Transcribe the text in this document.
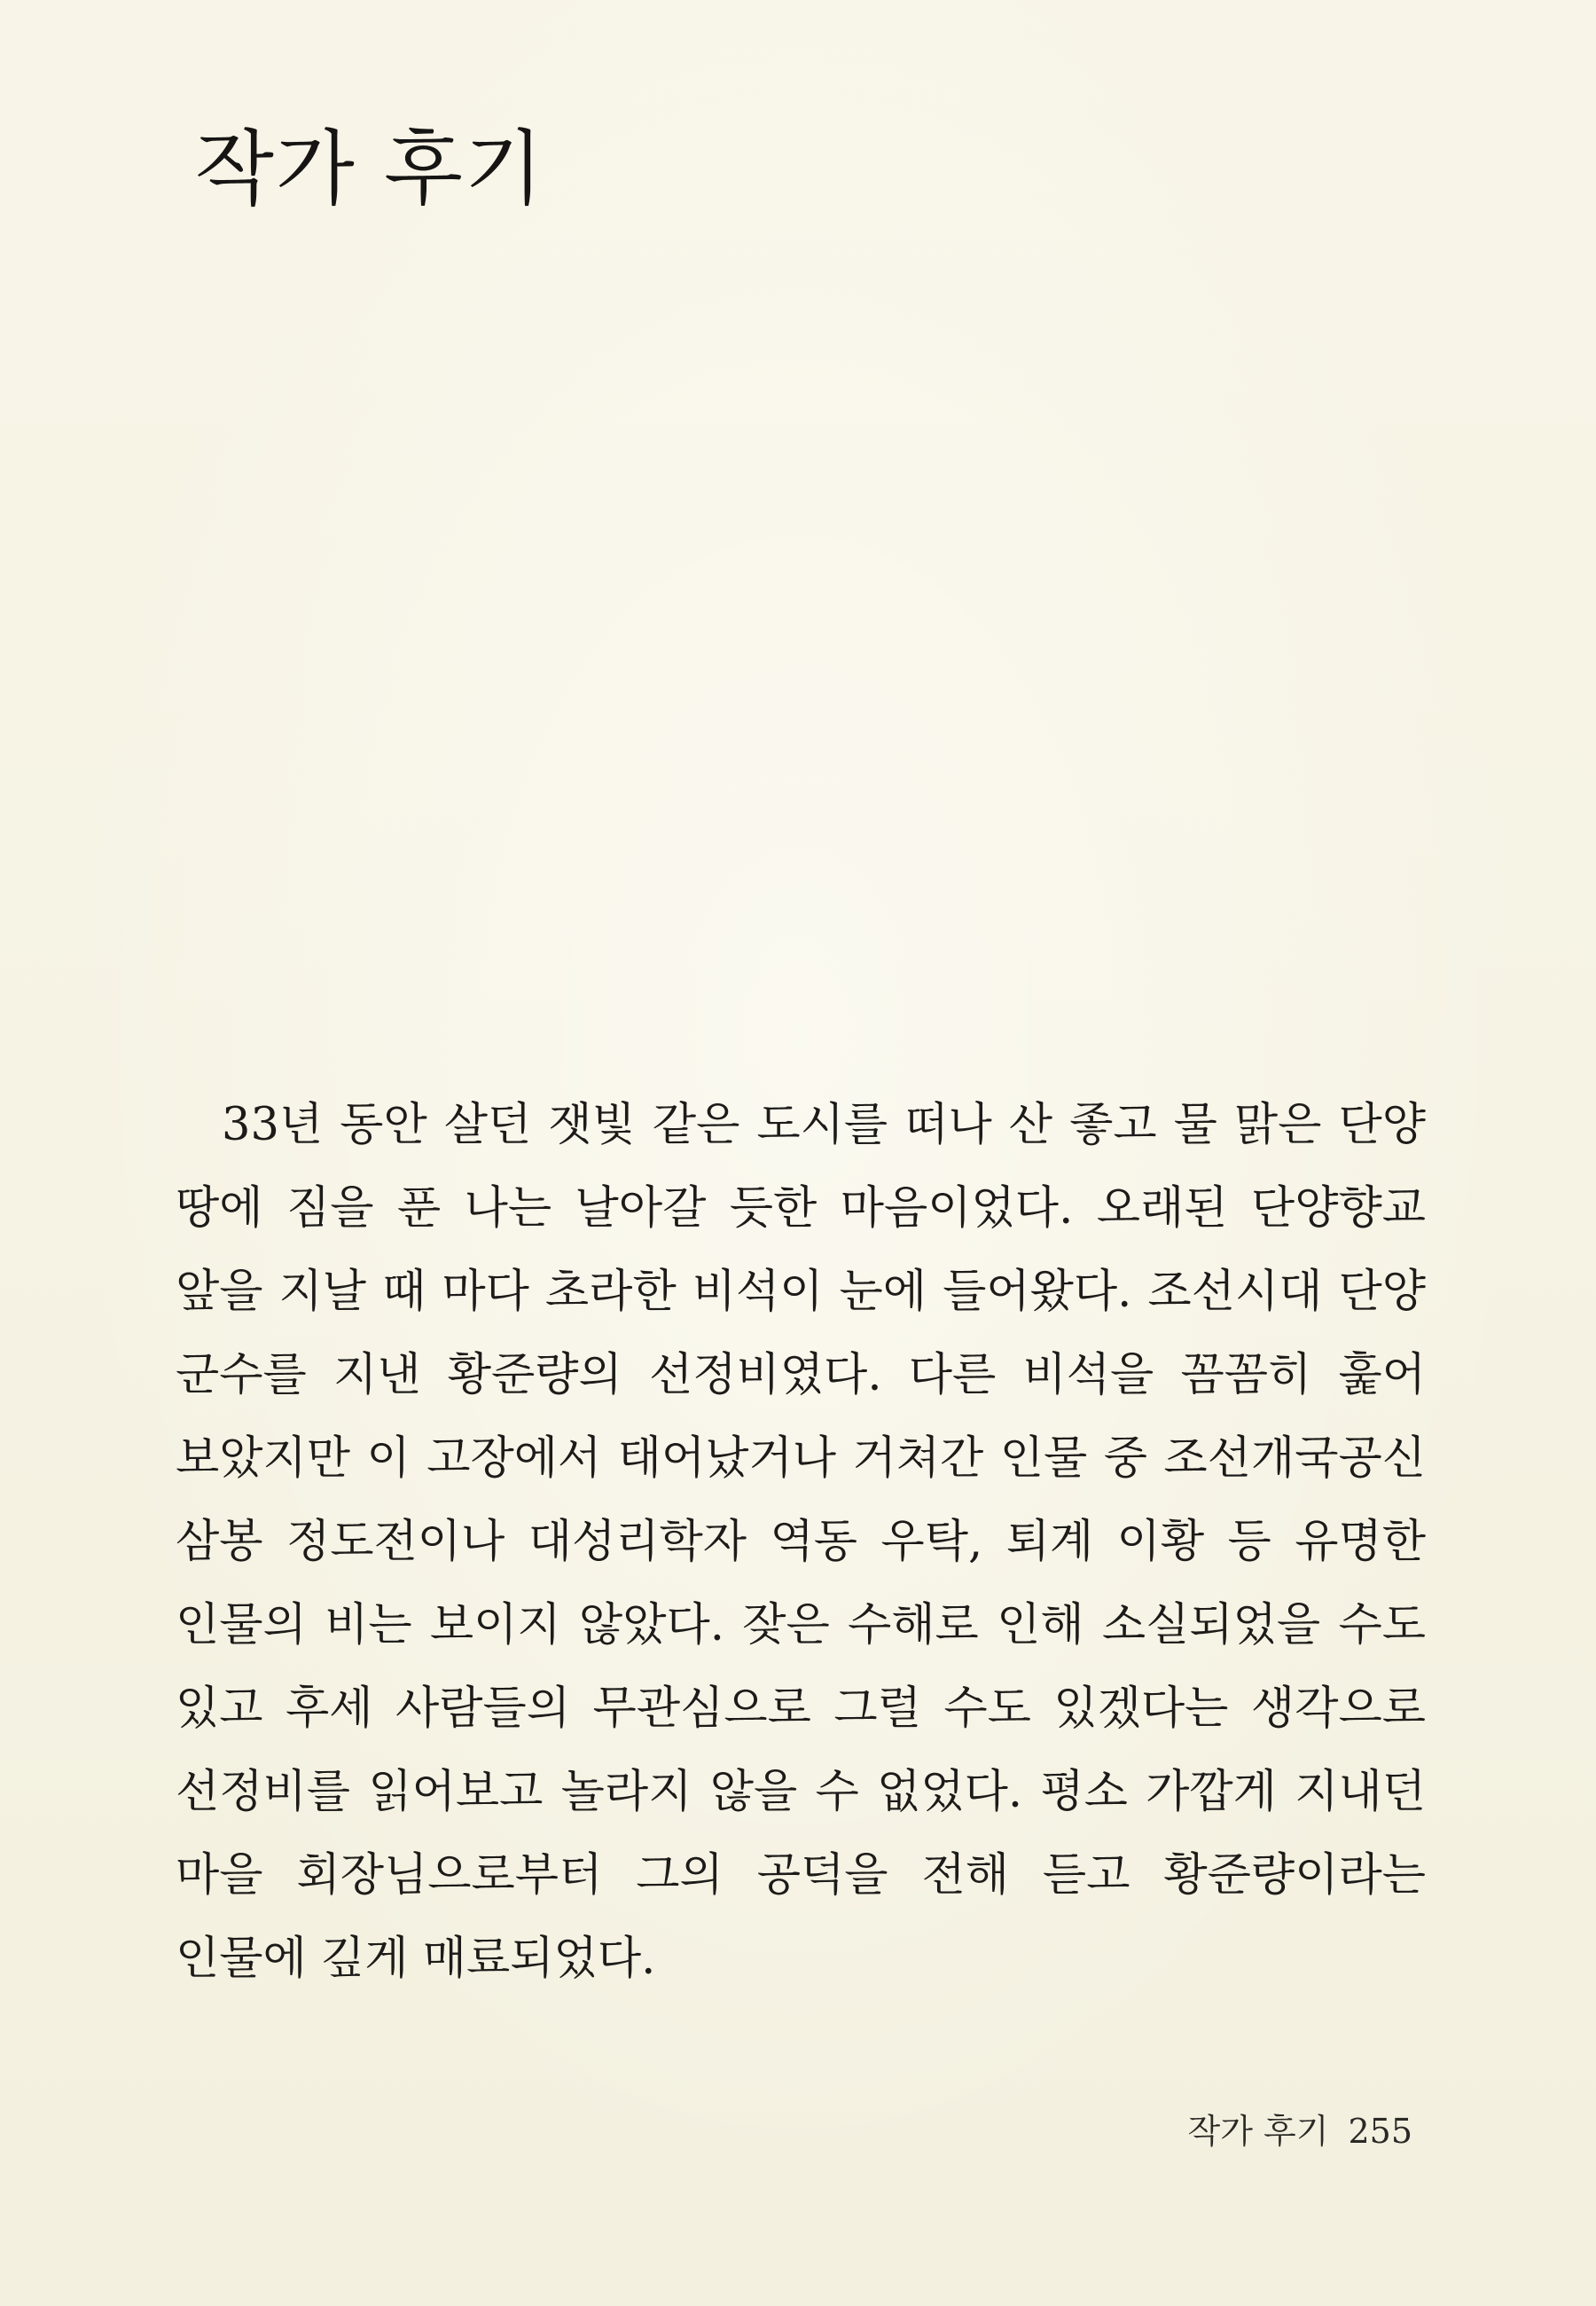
작가 후기

33년 동안 살던 잿빛 같은 도시를 떠나 산 좋고 물 맑은 단양 땅에 짐을 푼 나는 날아갈 듯한 마음이었다. 오래된 단양향교 앞을 지날 때 마다 초라한 비석이 눈에 들어왔다. 조선시대 단양 군수를 지낸 황준량의 선정비였다. 다른 비석을 꼼꼼히 훑어 보았지만 이 고장에서 태어났거나 거쳐간 인물 중 조선개국공신 삼봉 정도전이나 대성리학자 역동 우탁, 퇴계 이황 등 유명한 인물의 비는 보이지 않았다. 잦은 수해로 인해 소실되었을 수도 있고 후세 사람들의 무관심으로 그럴 수도 있겠다는 생각으로 선정비를 읽어보고 놀라지 않을 수 없었다. 평소 가깝게 지내던 마을 회장님으로부터 그의 공덕을 전해 듣고 황준량이라는 인물에 깊게 매료되었다.

작가 후기 255
